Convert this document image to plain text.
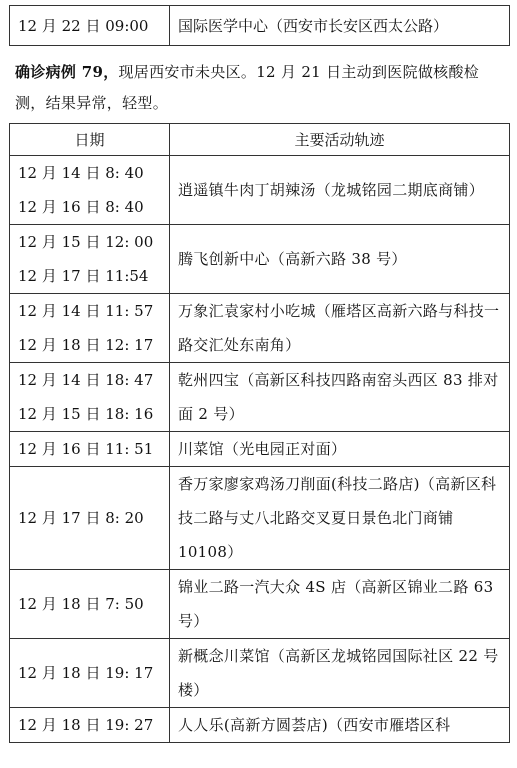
12 月 22 日 09:00	国际医学中心（西安市长安区西太公路）
确诊病例 79，现居西安市未央区。12 月 21 日主动到医院做核酸检测，结果异常，轻型。
日期	主要活动轨迹

12 月 14 日 8: 40
12 月 16 日 8: 40	逍遥镇牛肉丁胡辣汤（龙城铭园二期底商铺）

12 月 15 日 12: 00
12 月 17 日 11:54	腾飞创新中心（高新六路 38 号）

12 月 14 日 11: 57
12 月 18 日 12: 17	万象汇袁家村小吃城（雁塔区高新六路与科技一路交汇处东南角）

12 月 14 日 18: 47
12 月 15 日 18: 16	乾州四宝（高新区科技四路南窑头西区 83 排对面 2 号）

12 月 16 日 11: 51	川菜馆（光电园正对面）

12 月 17 日 8: 20	香万家廖家鸡汤刀削面(科技二路店)（高新区科技二路与丈八北路交叉夏日景色北门商铺 10108）

12 月 18 日 7: 50	锦业二路一汽大众 4S 店（高新区锦业二路 63 号）

12 月 18 日 19: 17	新概念川菜馆（高新区龙城铭园国际社区 22 号楼）

12 月 18 日 19: 27	人人乐(高新方圆荟店)（西安市雁塔区科
